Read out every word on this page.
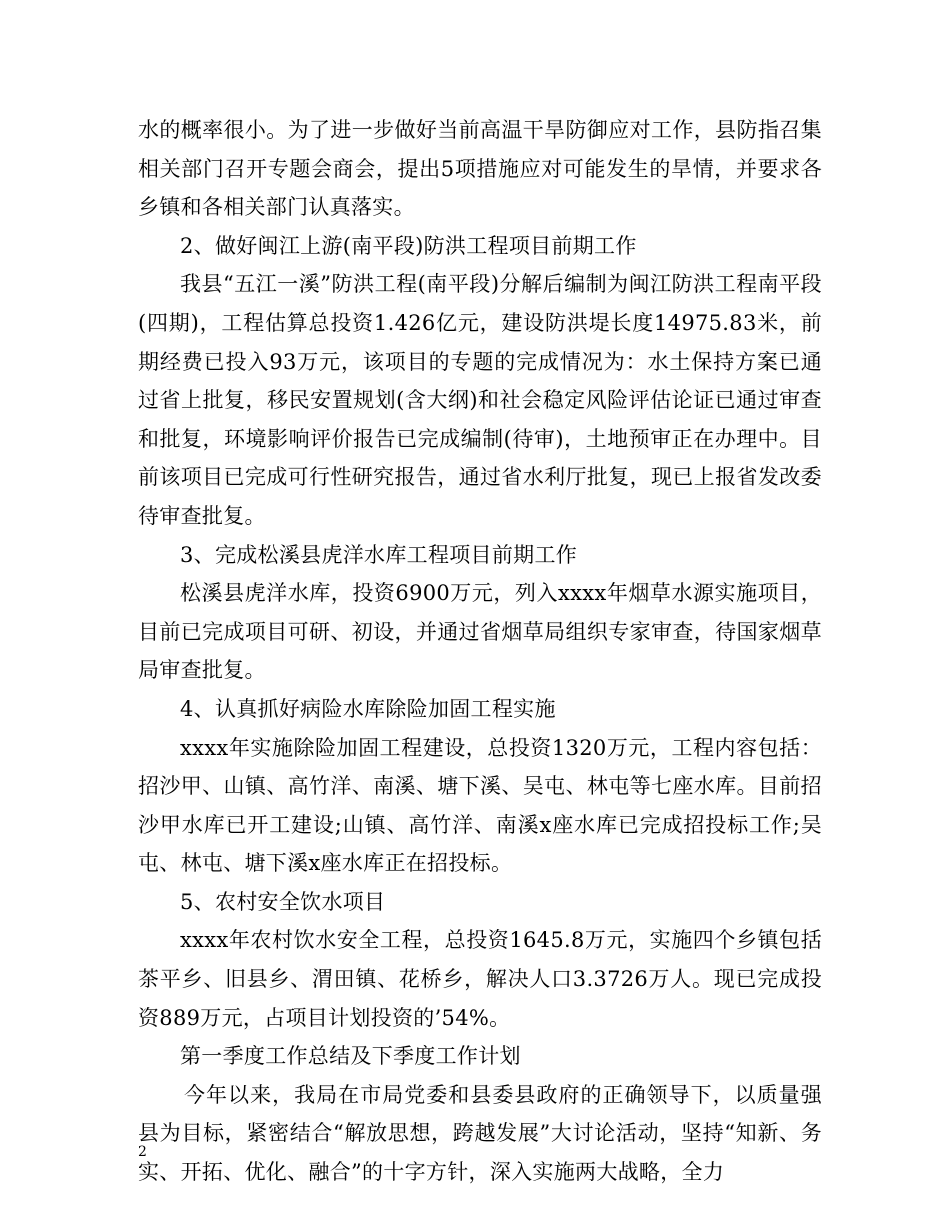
水的概率很小。为了进一步做好当前高温干旱防御应对工作，县防指召集相关部门召开专题会商会，提出5项措施应对可能发生的旱情，并要求各乡镇和各相关部门认真落实。

2、做好闽江上游(南平段)防洪工程项目前期工作

我县“五江一溪”防洪工程(南平段)分解后编制为闽江防洪工程南平段(四期)，工程估算总投资1.426亿元，建设防洪堤长度14975.83米，前期经费已投入93万元，该项目的专题的完成情况为：水土保持方案已通过省上批复，移民安置规划(含大纲)和社会稳定风险评估论证已通过审查和批复，环境影响评价报告已完成编制(待审)，土地预审正在办理中。目前该项目已完成可行性研究报告，通过省水利厅批复，现已上报省发改委待审查批复。

3、完成松溪县虎洋水库工程项目前期工作

松溪县虎洋水库，投资6900万元，列入xxxx年烟草水源实施项目，目前已完成项目可研、初设，并通过省烟草局组织专家审查，待国家烟草局审查批复。

4、认真抓好病险水库除险加固工程实施

xxxx年实施除险加固工程建设，总投资1320万元，工程内容包括：招沙甲、山镇、高竹洋、南溪、塘下溪、吴屯、林屯等七座水库。目前招沙甲水库已开工建设;山镇、高竹洋、南溪x座水库已完成招投标工作;吴屯、林屯、塘下溪x座水库正在招投标。

5、农村安全饮水项目

xxxx年农村饮水安全工程，总投资1645.8万元，实施四个乡镇包括茶平乡、旧县乡、渭田镇、花桥乡，解决人口3.3726万人。现已完成投资889万元，占项目计划投资的’54%。

第一季度工作总结及下季度工作计划

今年以来，我局在市局党委和县委县政府的正确领导下，以质量强县为目标，紧密结合“解放思想，跨越发展”大讨论活动，坚持“知新、务实、开拓、优化、融合”的十字方针，深入实施两大战略，全力

2
